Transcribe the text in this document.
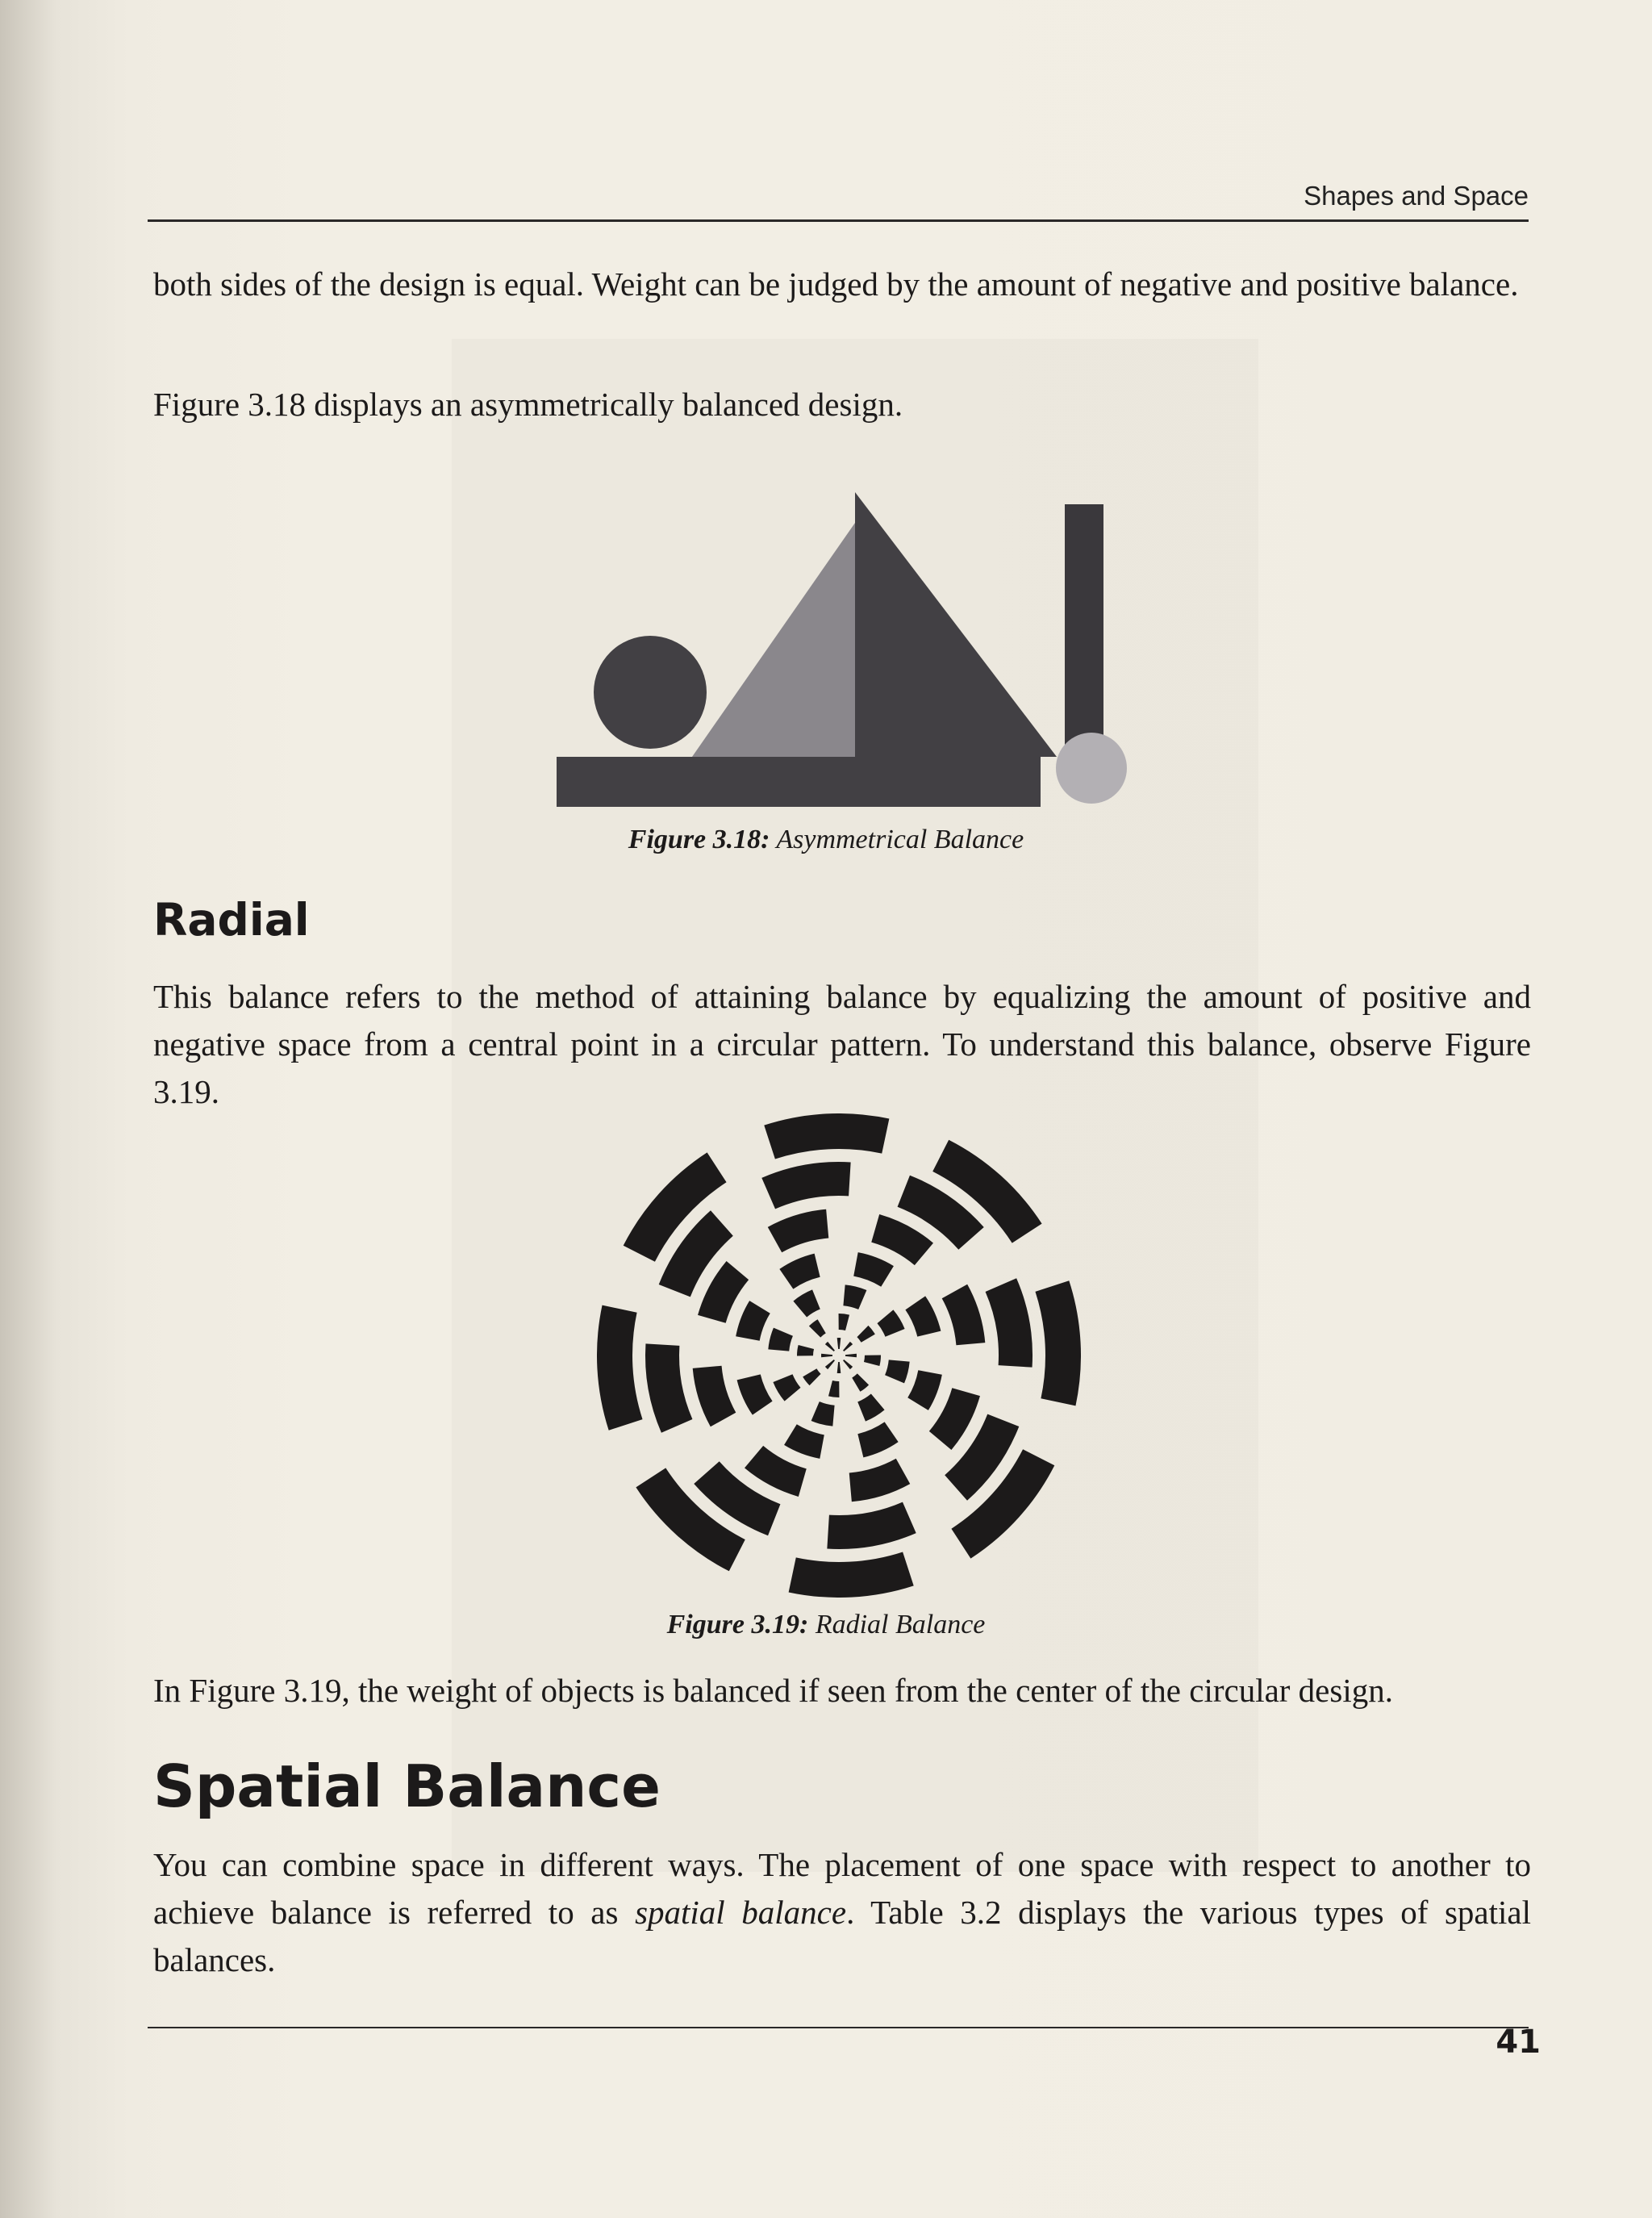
Shapes and Space

both sides of the design is equal. Weight can be judged by the amount of negative and positive balance.

Figure 3.18 displays an asymmetrically balanced design.

Figure 3.18: Asymmetrical Balance
Radial

This balance refers to the method of attaining balance by equalizing the amount of positive and negative space from a central point in a circular pattern. To understand this balance, observe Figure 3.19.

Figure 3.19: Radial Balance

In Figure 3.19, the weight of objects is balanced if seen from the center of the circular design.

Spatial Balance

You can combine space in different ways. The placement of one space with respect to another to achieve balance is referred to as spatial balance. Table 3.2 displays the various types of spatial balances.

41
